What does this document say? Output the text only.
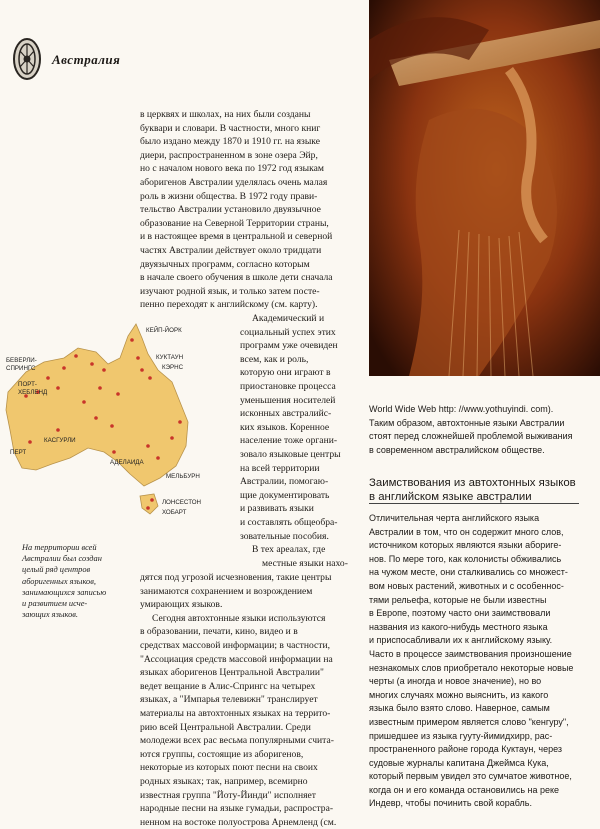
Австралия

в церквях и школах, на них были созданы

буквари и словари. В частности, много книг

было издано между 1870 и 1910 гг. на языке

диери, распространенном в зоне озера Эйр,

но с началом нового века по 1972 год языкам

аборигенов Австралии уделялась очень малая

роль в жизни общества. В 1972 году прави-

тельство Австралии установило двуязычное

образование на Северной Территории страны,

и в настоящее время в центральной и северной

частях Австралии действует около тридцати

двуязычных программ, согласно которым

в начале своего обучения в школе дети сначала

изучают родной язык, и только затем посте-

пенно переходят к английскому (см. карту).

Академический и

социальный успех этих

программ уже очевиден

всем, как и роль,

которую они играют в

приостановке процесса

уменьшения носителей

исконных австралийс-

ких языков. Коренное

население тоже органи-

зовало языковые центры

на всей территории

Австралии, помогаю-

щие документировать

и развивать языки

и составлять общеобра-

зовательные пособия.

В тех ареалах, где

местные языки нахо-

дятся под угрозой исчезновения, такие центры

занимаются сохранением и возрождением

умирающих языков.

Сегодня автохтонные языки используются

в образовании, печати, кино, видео и в

средствах массовой информации; в частности,

"Ассоциация средств массовой информации на

языках аборигенов Центральной Австралии"

ведет вещание в Алис-Спрингс на четырех

языках, а "Импарья телевижн" транслирует

материалы на автохтонных языках на террито-

рию всей Центральной Австралии. Среди

молодежи всех рас весьма популярными счита-

ются группы, состоящие из аборигенов,

некоторые из которых поют песни на своих

родных языках; так, например, всемирно

известная группа "Йоту-Йинди" исполняет

народные песни на языке гумадьи, распростра-

ненном на востоке полуострова Арнемленд (см.

КЕЙП-ЙОРК
БЕВЕРЛИ-
СПРИНГС
КУКТАУН
КЭРНС
ПОРТ-
ХЕБЛЕНД
КАСГУРЛИ
ПЕРТ
АДЕЛАИДА
МЕЛЬБУРН
ЛОНСЕСТОН
ХОБАРТ
На территории всей
Австралии был создан
целый ряд центров
аборигенных языков,
занимающихся записью
и развитием исче-
зающих языков.

World Wide Web http: //www.yothuyindi. com).

Таким образом, автохтонные языки Австралии

стоят перед сложнейшей проблемой выживания

в современном австралийском обществе.

Заимствования из автохтонных языков
в английском языке австралии

Отличительная черта английского языка

Австралии в том, что он содержит много слов,

источником которых являются языки абориге-

нов. По мере того, как колонисты обживались

на чужом месте, они сталкивались со множест-

вом новых растений, животных и с особеннос-

тями рельефа, которые не были известны

в Европе, поэтому часто они заимствовали

названия из какого-нибудь местного языка

и приспосабливали их к английскому языку.

Часто в процессе заимствования произношение

незнакомых слов приобретало некоторые новые

черты (а иногда и новое значение), но во

многих случаях можно выяснить, из какого

языка было взято слово. Наверное, самым

известным примером является слово "кенгуру",

пришедшее из языка гууту-йимидхирр, рас-

пространенного районе города Куктаун, через

судовые журналы капитана Джеймса Кука,

который первым увидел это сумчатое животное,

когда он и его команда остановились на реке

Индевр, чтобы починить свой корабль.
